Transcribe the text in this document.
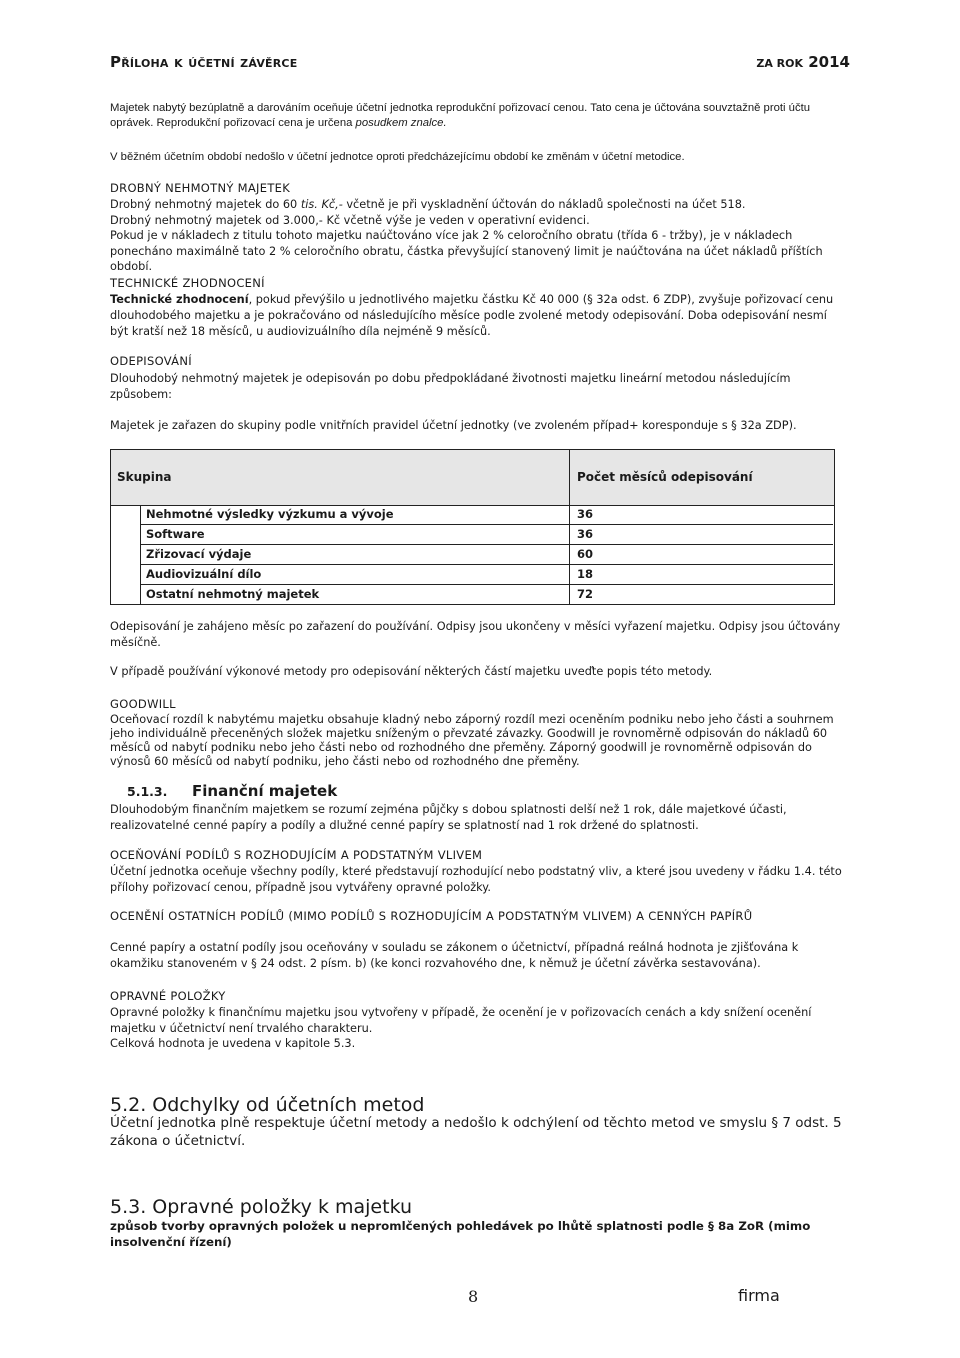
Příloha k účetní závěrce	ZA ROK 2014

Majetek nabytý bezúplatně a darováním oceňuje účetní jednotka reprodukční pořizovací cenou. Tato cena je účtována souvztažně proti účtu oprávek. Reprodukční pořizovací cena je určena posudkem znalce.

V běžném účetním období nedošlo v účetní jednotce oproti předcházejícímu období ke změnám v účetní metodice.

DROBNÝ NEHMOTNÝ MAJETEK

Drobný nehmotný majetek do 60 tis. Kč,- včetně je při vyskladnění účtován do nákladů společnosti na účet 518.

Drobný nehmotný majetek od 3.000,- Kč včetně výše je veden v operativní evidenci.

Pokud je v nákladech z titulu tohoto majetku naúčtováno více jak 2 % celoročního obratu (třída 6 - tržby), je v nákladech ponecháno maximálně tato 2 % celoročního obratu, částka převyšující stanovený limit je naúčtována na účet nákladů příštích období.

TECHNICKÉ ZHODNOCENÍ

Technické zhodnocení, pokud převýšilo u jednotlivého majetku částku Kč 40 000 (§ 32a odst. 6 ZDP), zvyšuje pořizovací cenu dlouhodobého majetku a je pokračováno od následujícího měsíce podle zvolené metody odepisování. Doba odepisování nesmí být kratší než 18 měsíců, u audiovizuálního díla nejméně 9 měsíců.

ODEPISOVÁNÍ

Dlouhodobý nehmotný majetek je odepisován po dobu předpokládané životnosti majetku lineární metodou následujícím způsobem:

Majetek je zařazen do skupiny podle vnitřních pravidel účetní jednotky (ve zvoleném případ+ koresponduje s § 32a ZDP).

Skupina	Počet měsíců odepisování
Nehmotné výsledky výzkumu a vývoje	36
Software	36
Zřizovací výdaje	60
Audiovizuální dílo	18
Ostatní nehmotný majetek	72

Odepisování je zahájeno měsíc po zařazení do používání. Odpisy jsou ukončeny v měsíci vyřazení majetku. Odpisy jsou účtovány měsíčně.

V případě používání výkonové metody pro odepisování některých částí majetku uveďte popis této metody.

GOODWILL

Oceňovací rozdíl k nabytému majetku obsahuje kladný nebo záporný rozdíl mezi oceněním podniku nebo jeho části a souhrnem jeho individuálně přeceněných složek majetku sníženým o převzaté závazky. Goodwill je rovnoměrně odpisován do nákladů 60 měsíců od nabytí podniku nebo jeho části nebo od rozhodného dne přeměny. Záporný goodwill je rovnoměrně odpisován do výnosů 60 měsíců od nabytí podniku, jeho části nebo od rozhodného dne přeměny.

5.1.3. Finanční majetek

Dlouhodobým finančním majetkem se rozumí zejména půjčky s dobou splatnosti delší než 1 rok, dále majetkové účasti, realizovatelné cenné papíry a podíly a dlužné cenné papíry se splatností nad 1 rok držené do splatnosti.

OCEŇOVÁNÍ PODÍLŮ S ROZHODUJÍCÍM A PODSTATNÝM VLIVEM

Účetní jednotka oceňuje všechny podíly, které představují rozhodující nebo podstatný vliv, a které jsou uvedeny v řádku 1.4. této přílohy pořizovací cenou, případně jsou vytvářeny opravné položky.

OCENĚNÍ OSTATNÍCH PODÍLŮ (MIMO PODÍLŮ S ROZHODUJÍCÍM A PODSTATNÝM VLIVEM) A CENNÝCH PAPÍRŮ

Cenné papíry a ostatní podíly jsou oceňovány v souladu se zákonem o účetnictví, případná reálná hodnota je zjišťována k okamžiku stanoveném v § 24 odst. 2 písm. b) (ke konci rozvahového dne, k němuž je účetní závěrka sestavována).

OPRAVNÉ POLOŽKY

Opravné položky k finančnímu majetku jsou vytvořeny v případě, že ocenění je v pořizovacích cenách a kdy snížení ocenění majetku v účetnictví není trvalého charakteru.

Celková hodnota je uvedena v kapitole 5.3.

5.2. Odchylky od účetních metod

Účetní jednotka plně respektuje účetní metody a nedošlo k odchýlení od těchto metod ve smyslu § 7 odst. 5 zákona o účetnictví.

5.3. Opravné položky k majetku

způsob tvorby opravných položek u nepromlčených pohledávek po lhůtě splatnosti podle § 8a ZoR (mimo insolvenční řízení)

8	firma
